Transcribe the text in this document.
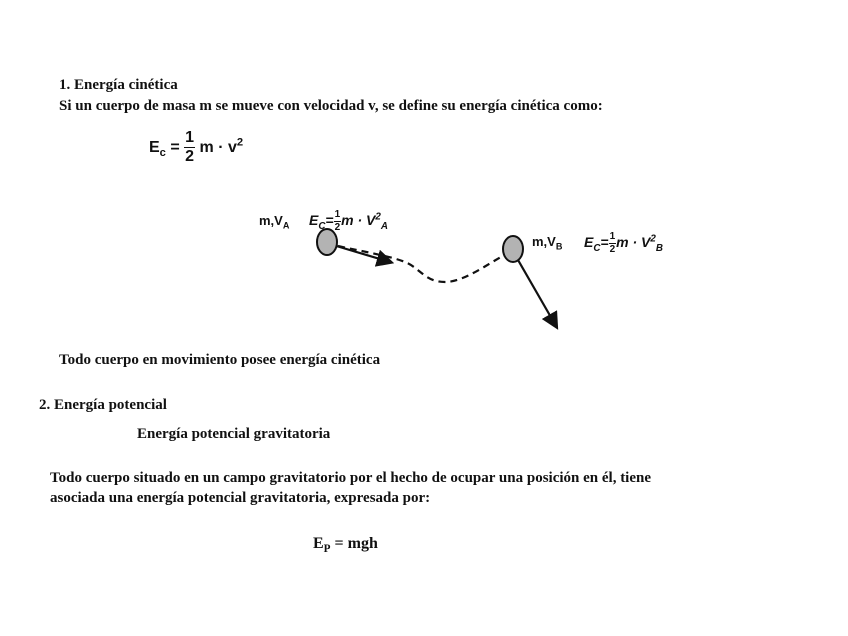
1. Energía cinética
Si un cuerpo de masa m se mueve con velocidad v, se define su energía cinética como:
$E_c = \frac{1}{2}$ $m \cdot v^2$
$m,V_A$ $E_C= \frac{1}{2}$ $m \cdot V^2_A$
$m,V_B$ $E_C= \frac{1}{2}$ $m \cdot V^2_B$
Todo cuerpo en movimiento posee energía cinética
2. Energía potencial
Energía potencial gravitatoria
Todo cuerpo situado en un campo gravitatorio por el hecho de ocupar una posición en él, tiene
asociada una energía potencial gravitatoria, expresada por:
$E_P$ = mgh
